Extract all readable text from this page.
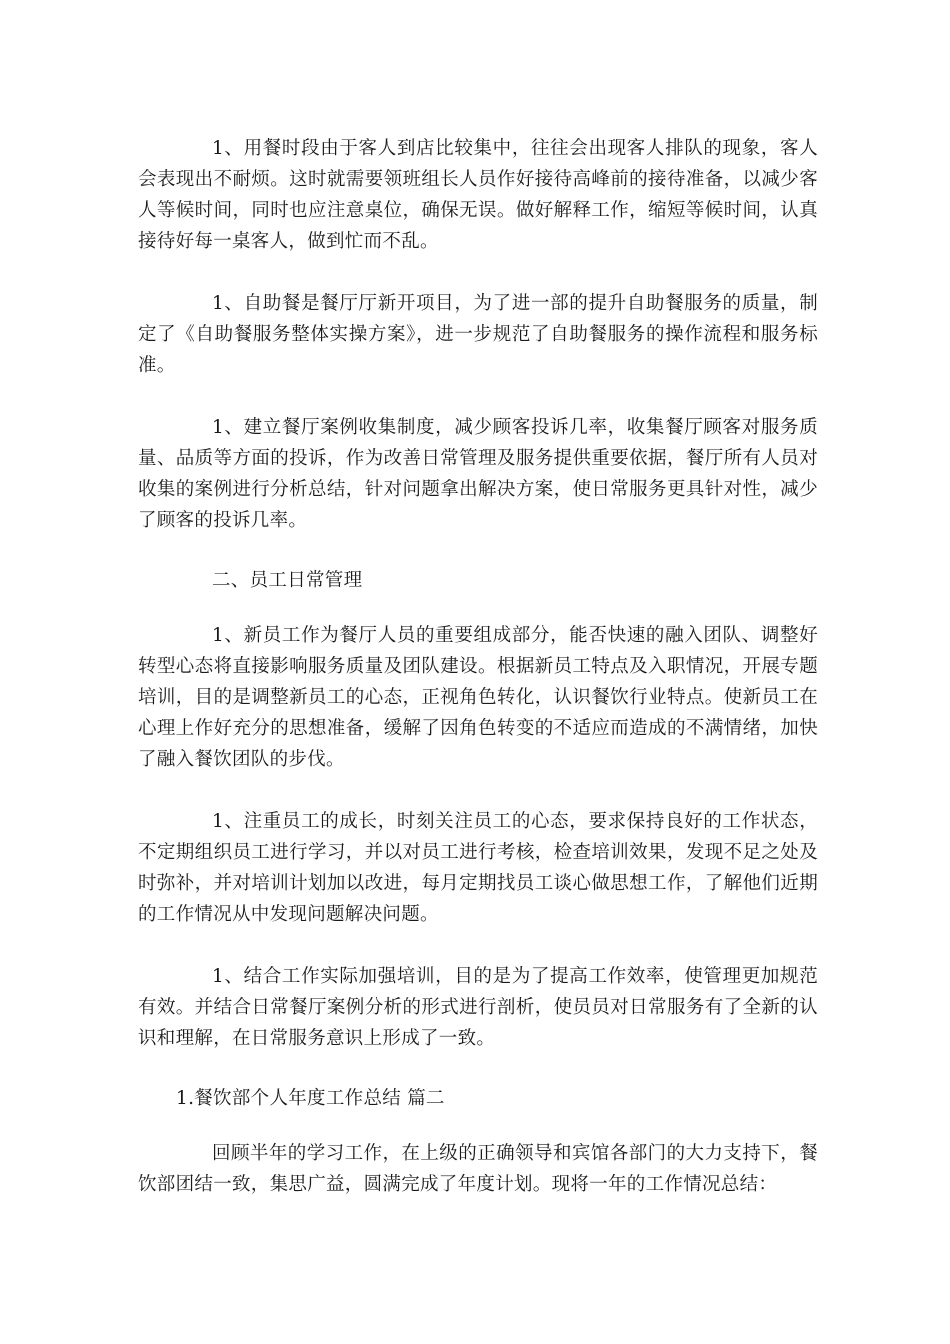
1、用餐时段由于客人到店比较集中，往往会出现客人排队的现象，客人会表现出不耐烦。这时就需要领班组长人员作好接待高峰前的接待准备，以减少客人等候时间，同时也应注意桌位，确保无误。做好解释工作，缩短等候时间，认真接待好每一桌客人，做到忙而不乱。

1、自助餐是餐厅厅新开项目，为了进一部的提升自助餐服务的质量，制定了《自助餐服务整体实操方案》，进一步规范了自助餐服务的操作流程和服务标准。

1、建立餐厅案例收集制度，减少顾客投诉几率，收集餐厅顾客对服务质量、品质等方面的投诉，作为改善日常管理及服务提供重要依据，餐厅所有人员对收集的案例进行分析总结，针对问题拿出解决方案，使日常服务更具针对性，减少了顾客的投诉几率。

二、员工日常管理

1、新员工作为餐厅人员的重要组成部分，能否快速的融入团队、调整好转型心态将直接影响服务质量及团队建设。根据新员工特点及入职情况，开展专题培训，目的是调整新员工的心态，正视角色转化，认识餐饮行业特点。使新员工在心理上作好充分的思想准备，缓解了因角色转变的不适应而造成的不满情绪，加快了融入餐饮团队的步伐。

1、注重员工的成长，时刻关注员工的心态，要求保持良好的工作状态，不定期组织员工进行学习，并以对员工进行考核，检查培训效果，发现不足之处及时弥补，并对培训计划加以改进，每月定期找员工谈心做思想工作，了解他们近期的工作情况从中发现问题解决问题。

1、结合工作实际加强培训，目的是为了提高工作效率，使管理更加规范有效。并结合日常餐厅案例分析的形式进行剖析，使员员对日常服务有了全新的认识和理解，在日常服务意识上形成了一致。

1.餐饮部个人年度工作总结 篇二

回顾半年的学习工作，在上级的正确领导和宾馆各部门的大力支持下，餐饮部团结一致，集思广益，圆满完成了年度计划。现将一年的工作情况总结：
